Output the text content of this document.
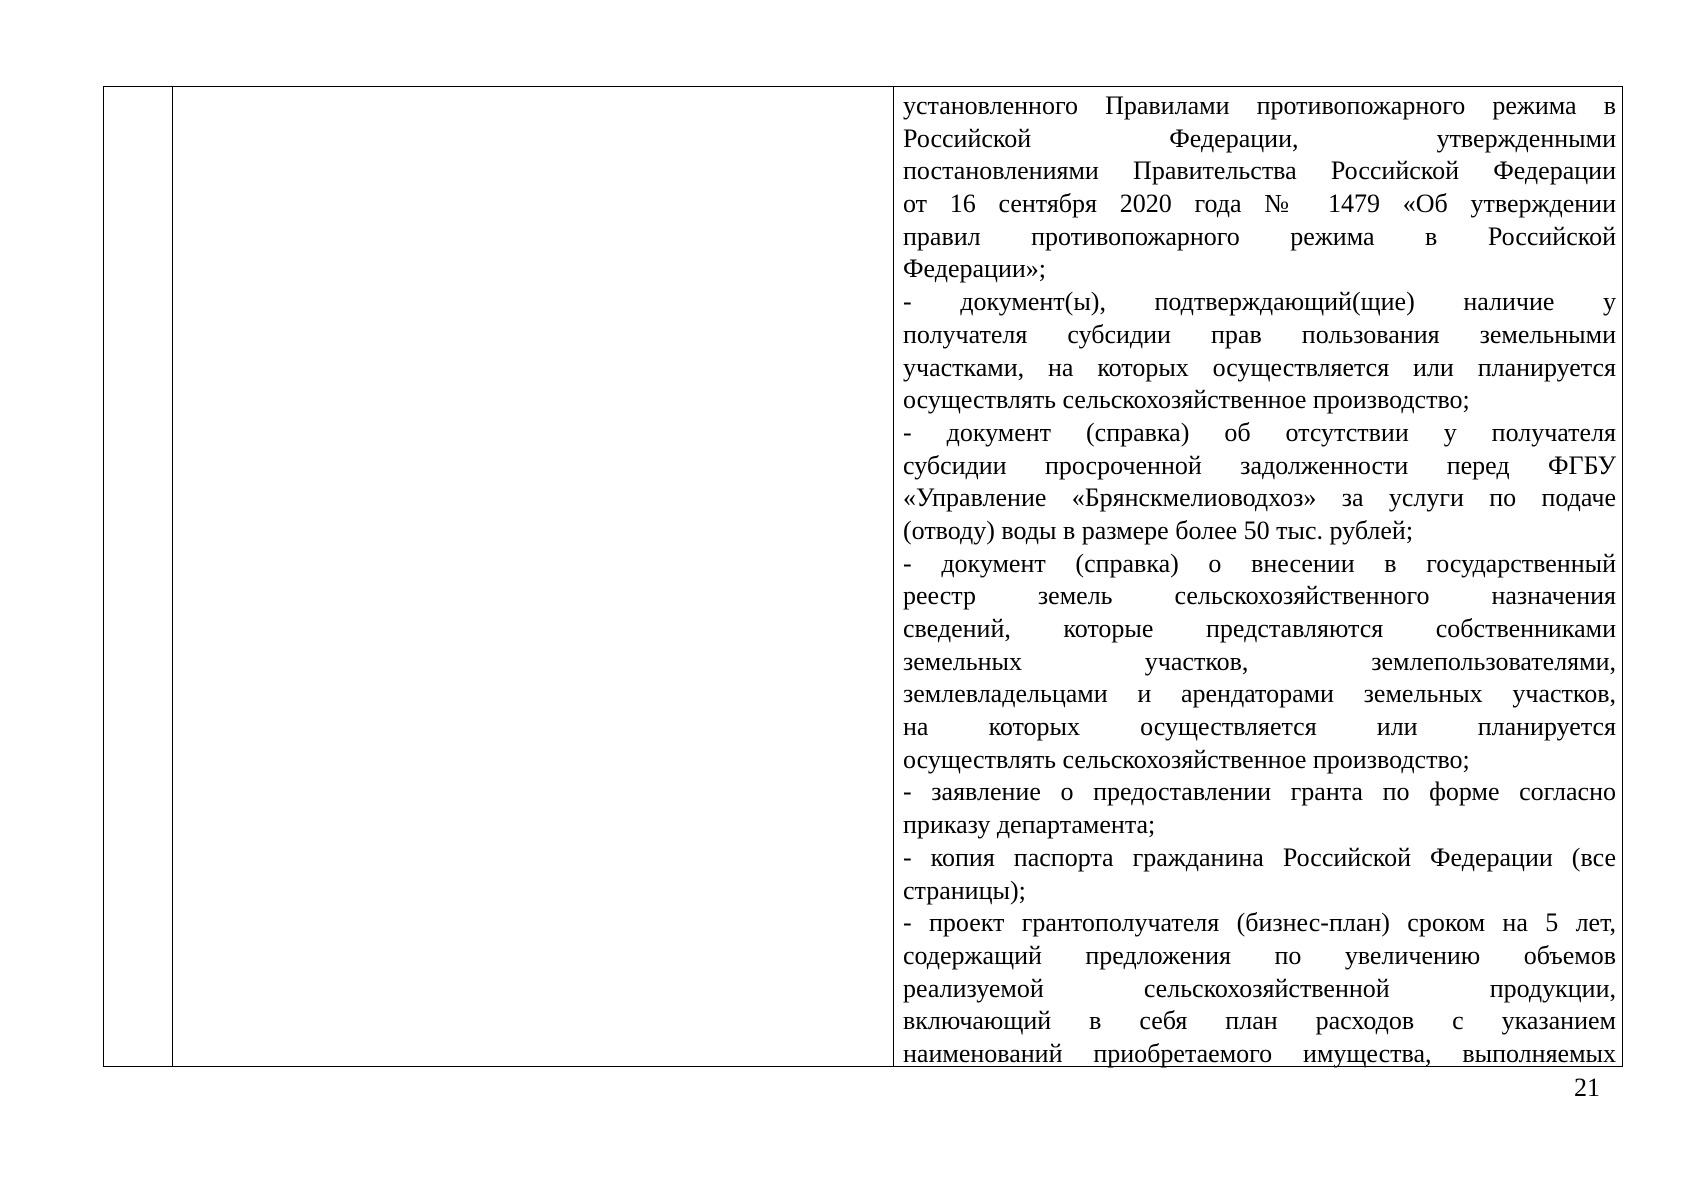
установленного Правилами противопожарного режима в
Российской Федерации, утвержденными
постановлениями Правительства Российской Федерации
от 16 сентября 2020 года № 1479 «Об утверждении
правил противопожарного режима в Российской
Федерации»;
- документ(ы), подтверждающий(щие) наличие у
получателя субсидии прав пользования земельными
участками, на которых осуществляется или планируется
осуществлять сельскохозяйственное производство;
- документ (справка) об отсутствии у получателя
субсидии просроченной задолженности перед ФГБУ
«Управление «Брянскмелиоводхоз» за услуги по подаче
(отводу) воды в размере более 50 тыс. рублей;
- документ (справка) о внесении в государственный
реестр земель сельскохозяйственного назначения
сведений, которые представляются собственниками
земельных участков, землепользователями,
землевладельцами и арендаторами земельных участков,
на которых осуществляется или планируется
осуществлять сельскохозяйственное производство;
- заявление о предоставлении гранта по форме согласно
приказу департамента;
- копия паспорта гражданина Российской Федерации (все
страницы);
- проект грантополучателя (бизнес-план) сроком на 5 лет,
содержащий предложения по увеличению объемов
реализуемой сельскохозяйственной продукции,
включающий в себя план расходов с указанием
наименований приобретаемого имущества, выполняемых
21
